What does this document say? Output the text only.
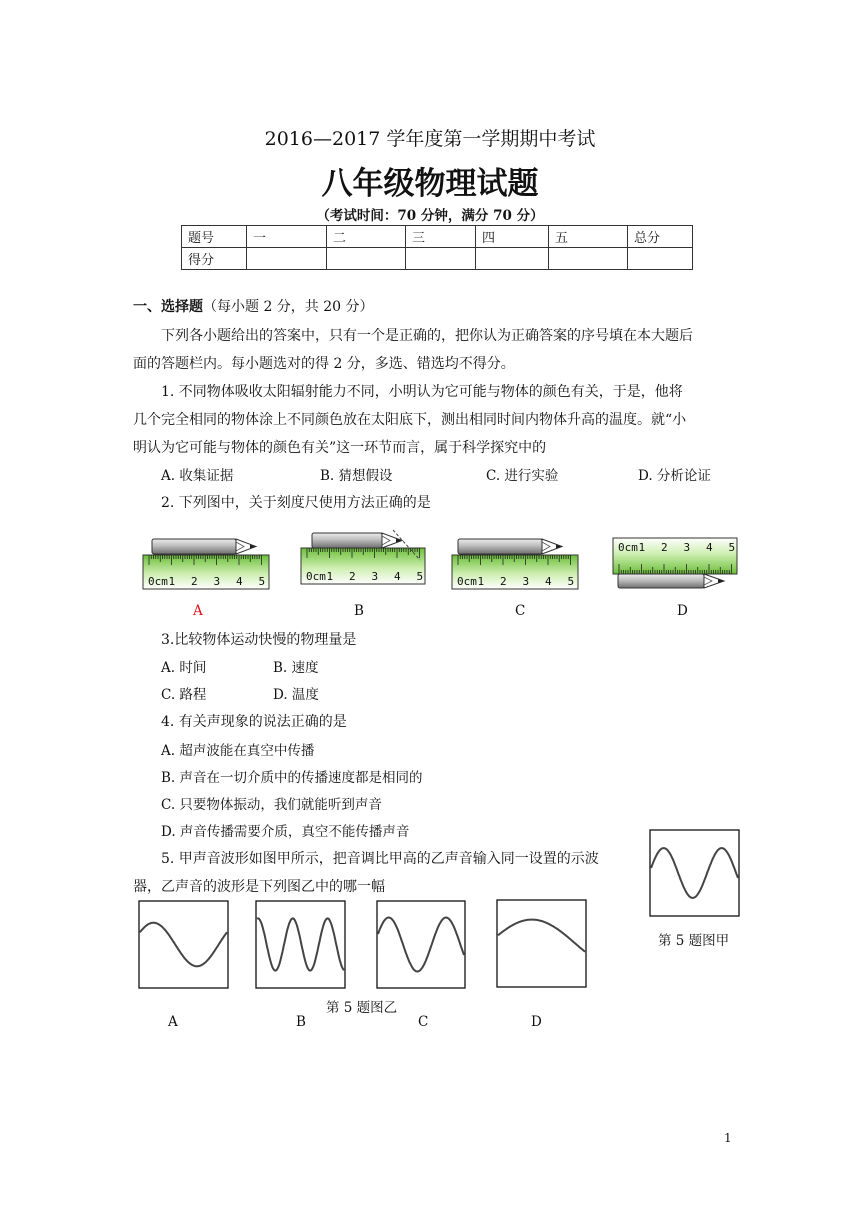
2016—2017 学年度第一学期期中考试
八年级物理试题
（考试时间：70 分钟，满分 70 分）
题号	一	二	三	四	五	总分
得分						
一、选择题（每小题 2 分，共 20 分）
下列各小题给出的答案中，只有一个是正确的，把你认为正确答案的序号填在本大题后
面的答题栏内。每小题选对的得 2 分，多选、错选均不得分。
1. 不同物体吸收太阳辐射能力不同，小明认为它可能与物体的颜色有关，于是，他将
几个完全相同的物体涂上不同颜色放在太阳底下，测出相同时间内物体升高的温度。就“小
明认为它可能与物体的颜色有关”这一环节而言，属于科学探究中的
A. 收集证据	B. 猜想假设	C. 进行实验	D. 分析论证
2. 下列图中，关于刻度尺使用方法正确的是
0cm 1 2 3 4 5	0cm 1 2 3 4 5	0cm 1 2 3 4 5
0cm 1 2 3 4 5
A	B	C	D
3.比较物体运动快慢的物理量是
A. 时间	B. 速度
C. 路程	D. 温度
4. 有关声现象的说法正确的是
A. 超声波能在真空中传播
B. 声音在一切介质中的传播速度都是相同的
C. 只要物体振动，我们就能听到声音
D. 声音传播需要介质，真空不能传播声音
5. 甲声音波形如图甲所示，把音调比甲高的乙声音输入同一设置的示波
器，乙声音的波形是下列图乙中的哪一幅
第 5 题图甲
第 5 题图乙
A	B	C	D
1
